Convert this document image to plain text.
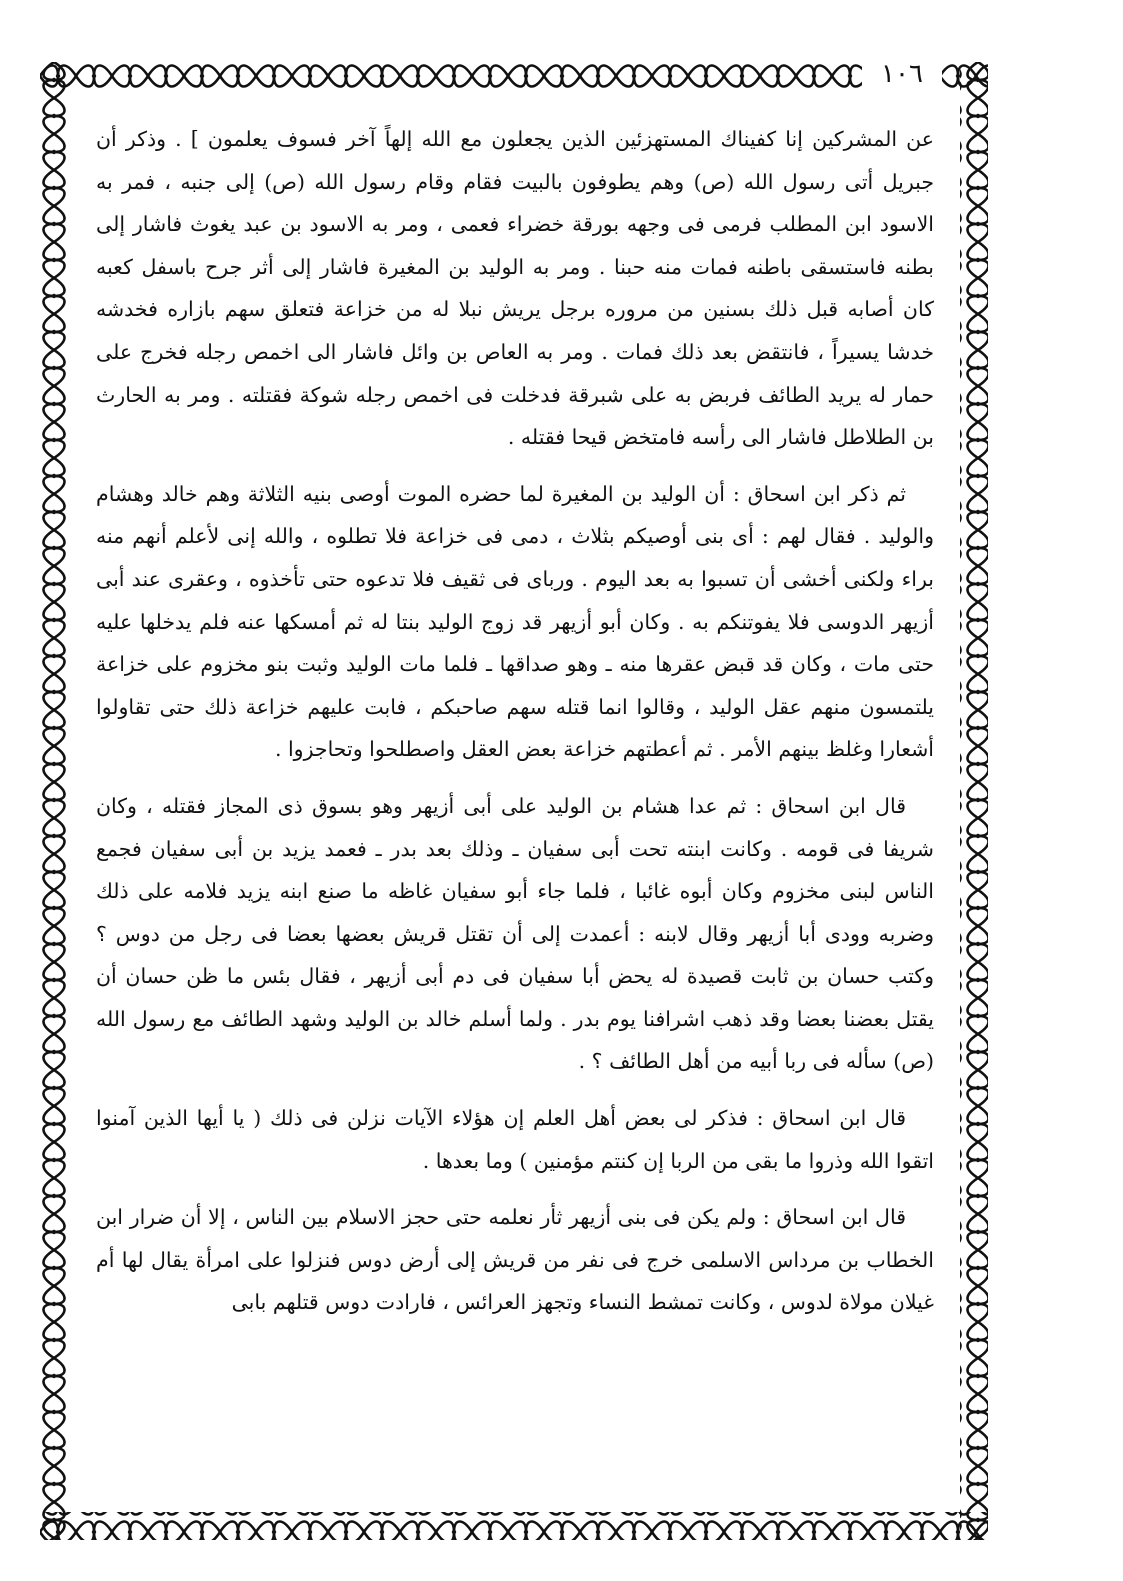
١٠٦

عن المشركين إنا كفيناك المستهزئين الذين يجعلون مع الله إلهاً آخر فسوف يعلمون ] . وذكر أن جبريل أتى رسول الله (ص) وهم يطوفون بالبيت فقام وقام رسول الله (ص) إلى جنبه ، فمر به الاسود ابن المطلب فرمى فى وجهه بورقة خضراء فعمى ، ومر به الاسود بن عبد يغوث فاشار إلى بطنه فاستسقى باطنه فمات منه حبنا . ومر به الوليد بن المغيرة فاشار إلى أثر جرح باسفل كعبه كان أصابه قبل ذلك بسنين من مروره برجل يريش نبلا له من خزاعة فتعلق سهم بازاره فخدشه خدشا يسيراً ، فانتقض بعد ذلك فمات . ومر به العاص بن وائل فاشار الى اخمص رجله فخرج على حمار له يريد الطائف فربض به على شبرقة فدخلت فى اخمص رجله شوكة فقتلته . ومر به الحارث بن الطلاطل فاشار الى رأسه فامتخض قيحا فقتله .

ثم ذكر ابن اسحاق : أن الوليد بن المغيرة لما حضره الموت أوصى بنيه الثلاثة وهم خالد وهشام والوليد . فقال لهم : أى بنى أوصيكم بثلاث ، دمى فى خزاعة فلا تطلوه ، والله إنى لأعلم أنهم منه براء ولكنى أخشى أن تسبوا به بعد اليوم . وربای فى ثقيف فلا تدعوه حتى تأخذوه ، وعقرى عند أبى أزيهر الدوسى فلا يفوتنكم به . وكان أبو أزيهر قد زوج الوليد بنتا له ثم أمسكها عنه فلم يدخلها عليه حتى مات ، وكان قد قبض عقرها منه ـ وهو صداقها ـ فلما مات الوليد وثبت بنو مخزوم على خزاعة يلتمسون منهم عقل الوليد ، وقالوا انما قتله سهم صاحبكم ، فابت عليهم خزاعة ذلك حتى تقاولوا أشعارا وغلظ بينهم الأمر . ثم أعطتهم خزاعة بعض العقل واصطلحوا وتحاجزوا .

قال ابن اسحاق : ثم عدا هشام بن الوليد على أبى أزيهر وهو بسوق ذى المجاز فقتله ، وكان شريفا فى قومه . وكانت ابنته تحت أبى سفيان ـ وذلك بعد بدر ـ فعمد يزيد بن أبى سفيان فجمع الناس لبنى مخزوم وكان أبوه غائبا ، فلما جاء أبو سفيان غاظه ما صنع ابنه يزيد فلامه على ذلك وضربه وودى أبا أزيهر وقال لابنه : أعمدت إلى أن تقتل قريش بعضها بعضا فى رجل من دوس ؟ وكتب حسان بن ثابت قصيدة له يحض أبا سفيان فى دم أبى أزيهر ، فقال بئس ما ظن حسان أن يقتل بعضنا بعضا وقد ذهب اشرافنا يوم بدر . ولما أسلم خالد بن الوليد وشهد الطائف مع رسول الله (ص) سأله فى ربا أبيه من أهل الطائف ؟ .

قال ابن اسحاق : فذكر لى بعض أهل العلم إن هؤلاء الآيات نزلن فى ذلك ( يا أيها الذين آمنوا اتقوا الله وذروا ما بقى من الربا إن كنتم مؤمنين ) وما بعدها .

قال ابن اسحاق : ولم يكن فى بنى أزيهر ثأر نعلمه حتى حجز الاسلام بين الناس ، إلا أن ضرار ابن الخطاب بن مرداس الاسلمى خرج فى نفر من قريش إلى أرض دوس فنزلوا على امرأة يقال لها أم غيلان مولاة لدوس ، وكانت تمشط النساء وتجهز العرائس ، فارادت دوس قتلهم بابى
